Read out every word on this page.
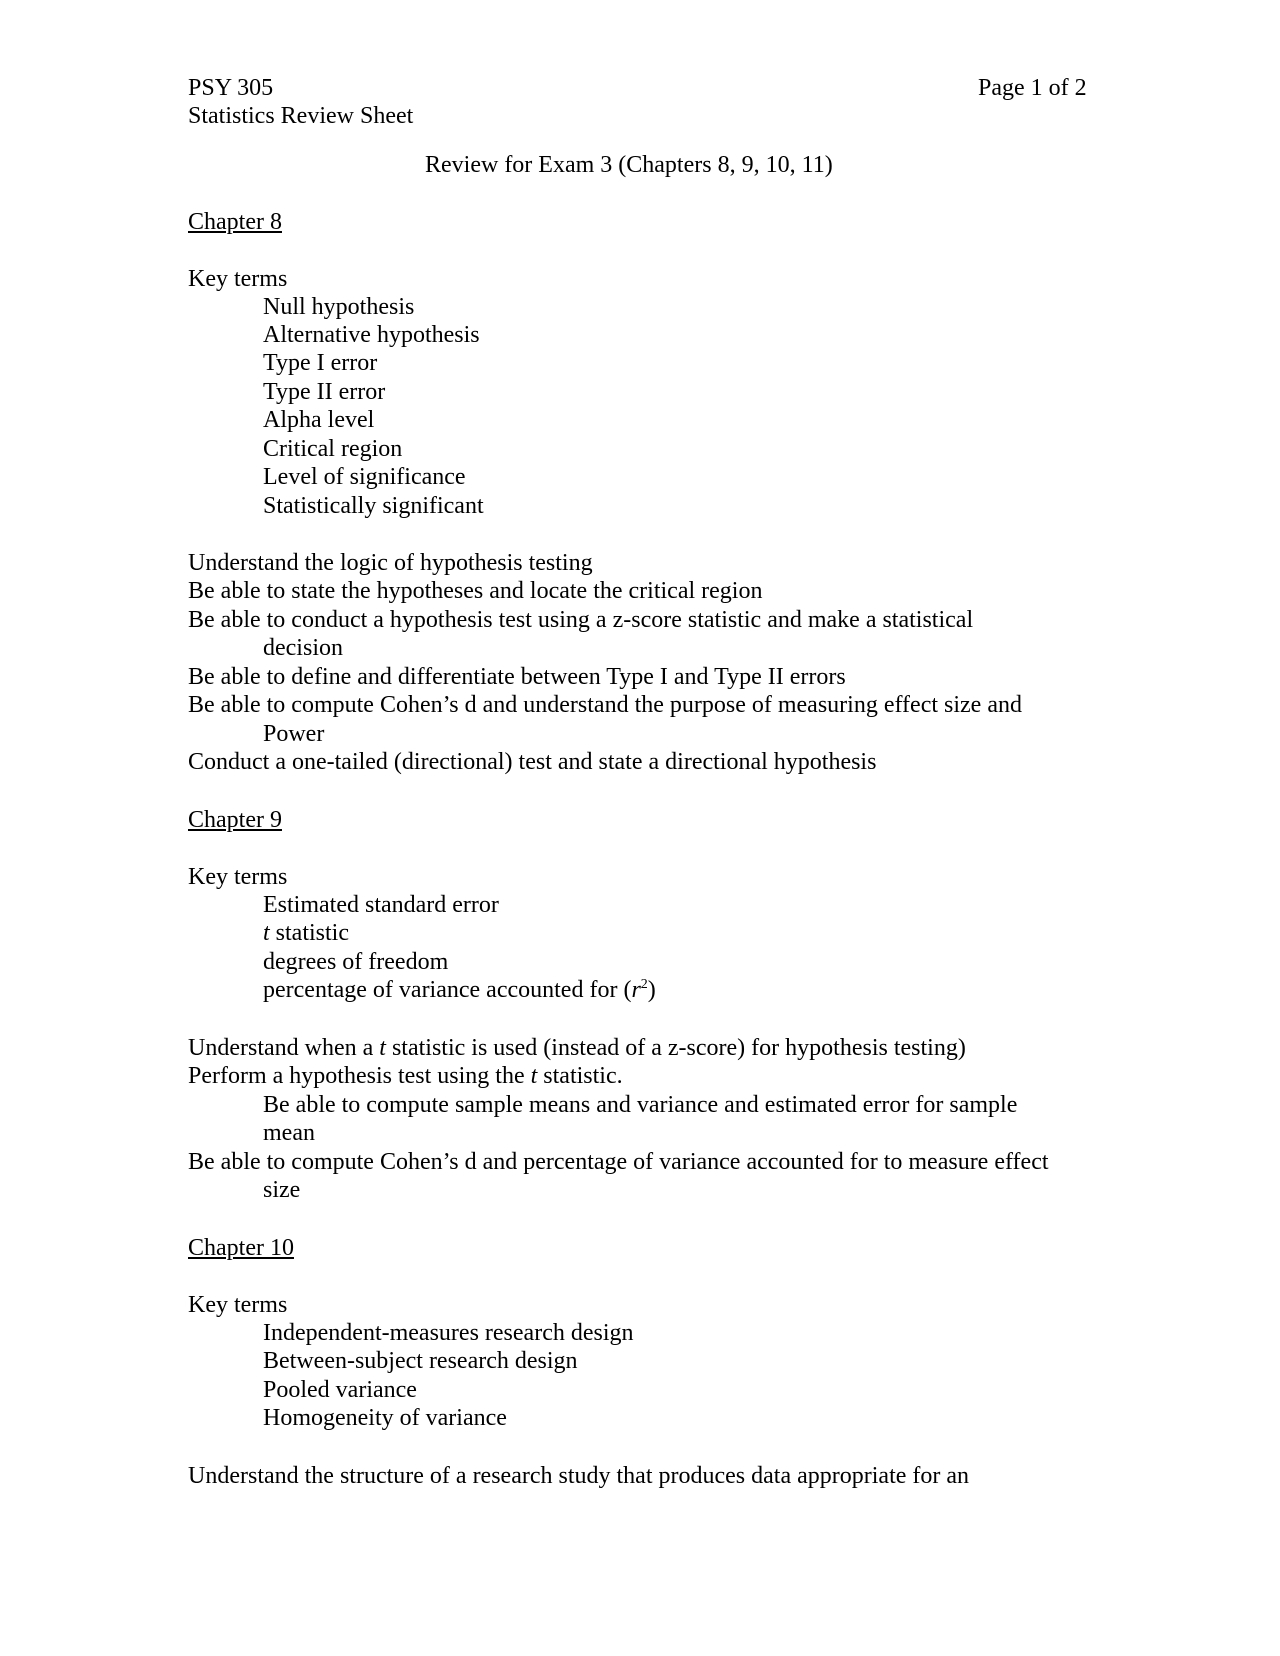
PSY 305	Page 1 of 2
Statistics Review Sheet
Review for Exam 3 (Chapters 8, 9, 10, 11)
Chapter 8
Key terms
Null hypothesis
Alternative hypothesis
Type I error
Type II error
Alpha level
Critical region
Level of significance
Statistically significant
Understand the logic of hypothesis testing
Be able to state the hypotheses and locate the critical region
Be able to conduct a hypothesis test using a z-score statistic and make a statistical
decision
Be able to define and differentiate between Type I and Type II errors
Be able to compute Cohen’s d and understand the purpose of measuring effect size and
Power
Conduct a one-tailed (directional) test and state a directional hypothesis
Chapter 9
Key terms
Estimated standard error
t statistic
degrees of freedom
percentage of variance accounted for $(r^2)$
Understand when a t statistic is used (instead of a z-score) for hypothesis testing)
Perform a hypothesis test using the t statistic.
Be able to compute sample means and variance and estimated error for sample
mean
Be able to compute Cohen’s d and percentage of variance accounted for to measure effect
size
Chapter 10
Key terms
Independent-measures research design
Between-subject research design
Pooled variance
Homogeneity of variance
Understand the structure of a research study that produces data appropriate for an
